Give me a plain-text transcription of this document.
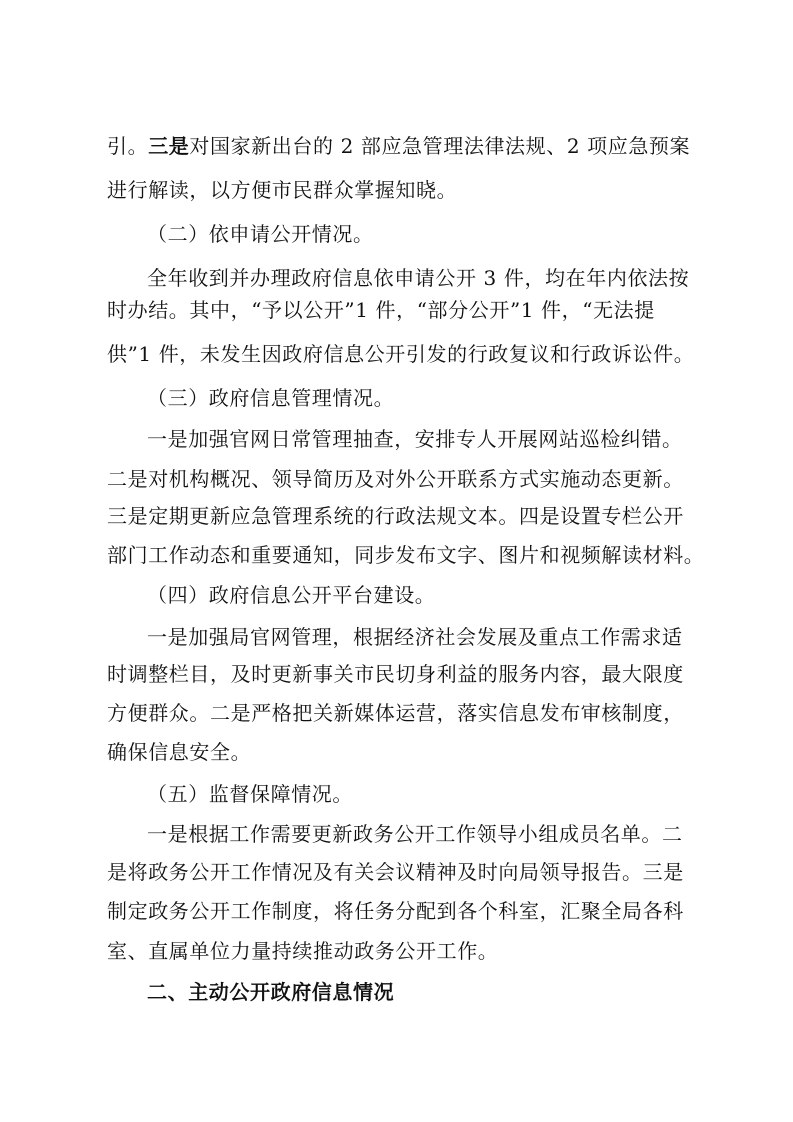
引。三是对国家新出台的 2 部应急管理法律法规、2 项应急预案
进行解读，以方便市民群众掌握知晓。
（二）依申请公开情况。
全年收到并办理政府信息依申请公开 3 件，均在年内依法按
时办结。其中，“予以公开”1 件，“部分公开”1 件，“无法提
供”1 件，未发生因政府信息公开引发的行政复议和行政诉讼件。
（三）政府信息管理情况。
一是加强官网日常管理抽查，安排专人开展网站巡检纠错。
二是对机构概况、领导简历及对外公开联系方式实施动态更新。
三是定期更新应急管理系统的行政法规文本。四是设置专栏公开
部门工作动态和重要通知，同步发布文字、图片和视频解读材料。
（四）政府信息公开平台建设。
一是加强局官网管理，根据经济社会发展及重点工作需求适
时调整栏目，及时更新事关市民切身利益的服务内容，最大限度
方便群众。二是严格把关新媒体运营，落实信息发布审核制度，
确保信息安全。
（五）监督保障情况。
一是根据工作需要更新政务公开工作领导小组成员名单。二
是将政务公开工作情况及有关会议精神及时向局领导报告。三是
制定政务公开工作制度，将任务分配到各个科室，汇聚全局各科
室、直属单位力量持续推动政务公开工作。
二、主动公开政府信息情况
